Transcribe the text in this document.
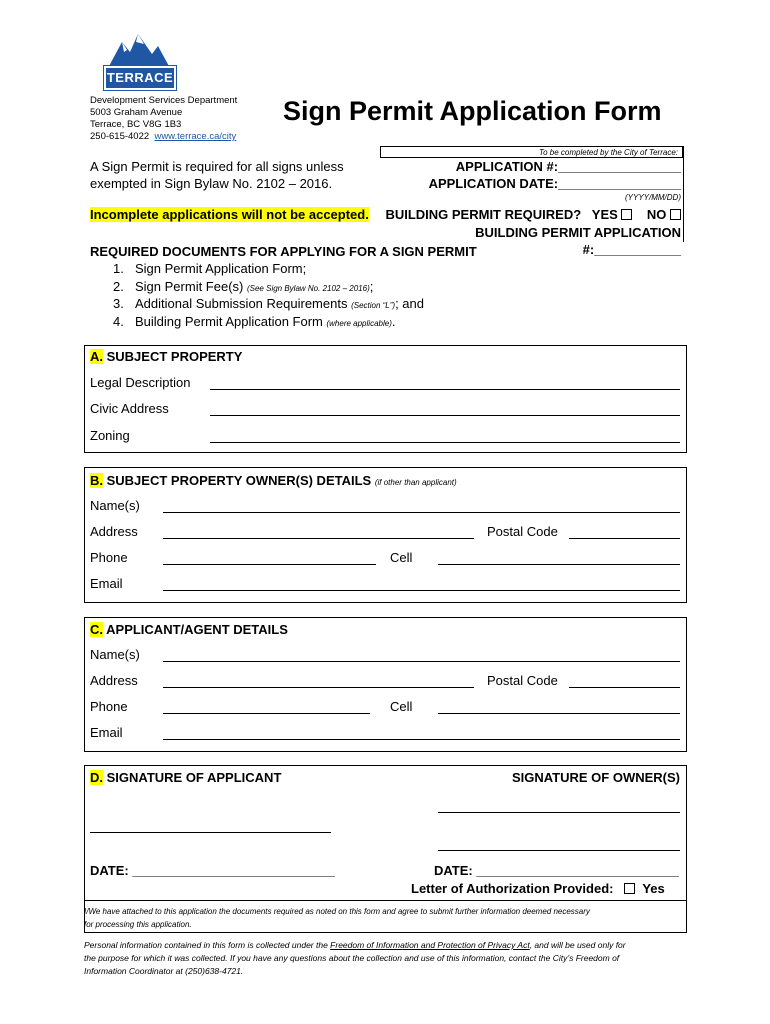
THE CITY OF
TERRACE
Development Services Department
5003 Graham Avenue
Terrace, BC V8G 1B3
250-615-4022 www.terrace.ca/city
Sign Permit Application Form
A Sign Permit is required for all signs unless
exempted in Sign Bylaw No. 2102 – 2016.
Incomplete applications will not be accepted.
To be completed by the City of Terrace:
APPLICATION #:_________________
APPLICATION DATE:_________________
(YYYY/MM/DD)
BUILDING PERMIT REQUIRED? YES NO
BUILDING PERMIT APPLICATION #:____________
REQUIRED DOCUMENTS FOR APPLYING FOR A SIGN PERMIT
1. Sign Permit Application Form;
2. Sign Permit Fee(s) (See Sign Bylaw No. 2102 – 2016);
3. Additional Submission Requirements (Section “L”); and
4. Building Permit Application Form (where applicable).
A. SUBJECT PROPERTY
Legal Description
Civic Address
Zoning
B. SUBJECT PROPERTY OWNER(S) DETAILS (if other than applicant)
Name(s)
Address	Postal Code
Phone	Cell
Email
C. APPLICANT/AGENT DETAILS
Name(s)
Address	Postal Code
Phone	Cell
Email
D. SIGNATURE OF APPLICANT	SIGNATURE OF OWNER(S)
DATE: ____________________________	DATE: ____________________________
Letter of Authorization Provided: Yes
I/We have attached to this application the documents required as noted on this form and agree to submit further information deemed necessary
for processing this application.
Personal information contained in this form is collected under the Freedom of Information and Protection of Privacy Act, and will be used only for
the purpose for which it was collected. If you have any questions about the collection and use of this information, contact the City’s Freedom of
Information Coordinator at (250)638-4721.
